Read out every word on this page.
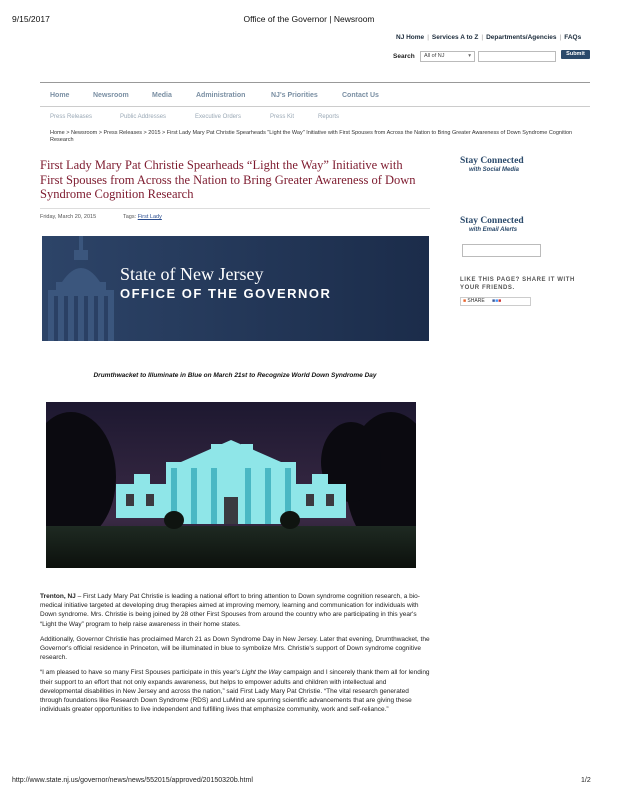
9/15/2017	Office of the Governor | Newsroom
NJ Home | Services A to Z | Departments/Agencies | FAQs
Search	All of NJ	▾	Submit
Home	Newsroom	Media	Administration	NJ's Priorities	Contact Us
Press Releases	Public Addresses	Executive Orders	Press Kit	Reports
Home > Newsroom > Press Releases > 2015 > First Lady Mary Pat Christie Spearheads "Light the Way" Initiative with First Spouses from Across the Nation to Bring Greater Awareness of Down Syndrome Cognition Research
First Lady Mary Pat Christie Spearheads “Light the Way” Initiative with First Spouses from Across the Nation to Bring Greater Awareness of Down Syndrome Cognition Research
Friday, March 20, 2015	Tags: First Lady
State of New Jersey
OFFICE OF THE GOVERNOR
Drumthwacket to Illuminate in Blue on March 21st to Recognize World Down Syndrome Day

Trenton, NJ – First Lady Mary Pat Christie is leading a national effort to bring attention to Down syndrome cognition research, a bio-medical initiative targeted at developing drug therapies aimed at improving memory, learning and communication for individuals with Down syndrome. Mrs. Christie is being joined by 28 other First Spouses from around the country who are participating in this year's “Light the Way” program to help raise awareness in their home states.

Additionally, Governor Christie has proclaimed March 21 as Down Syndrome Day in New Jersey. Later that evening, Drumthwacket, the Governor's official residence in Princeton, will be illuminated in blue to symbolize Mrs. Christie's support of Down syndrome cognitive research.

“I am pleased to have so many First Spouses participate in this year's Light the Way campaign and I sincerely thank them all for lending their support to an effort that not only expands awareness, but helps to empower adults and children with intellectual and developmental disabilities in New Jersey and across the nation,” said First Lady Mary Pat Christie. “The vital research generated through foundations like Research Down Syndrome (RDS) and LuMind are spurring scientific advancements that are giving these individuals greater opportunities to live independent and fulfilling lives that emphasize community, work and self-reliance.”

Stay Connected
with Social Media
Stay Connected
with Email Alerts
LIKE THIS PAGE? SHARE IT WITH YOUR FRIENDS.
■ SHARE ■■■
http://www.state.nj.us/governor/news/news/552015/approved/20150320b.html	1/2
